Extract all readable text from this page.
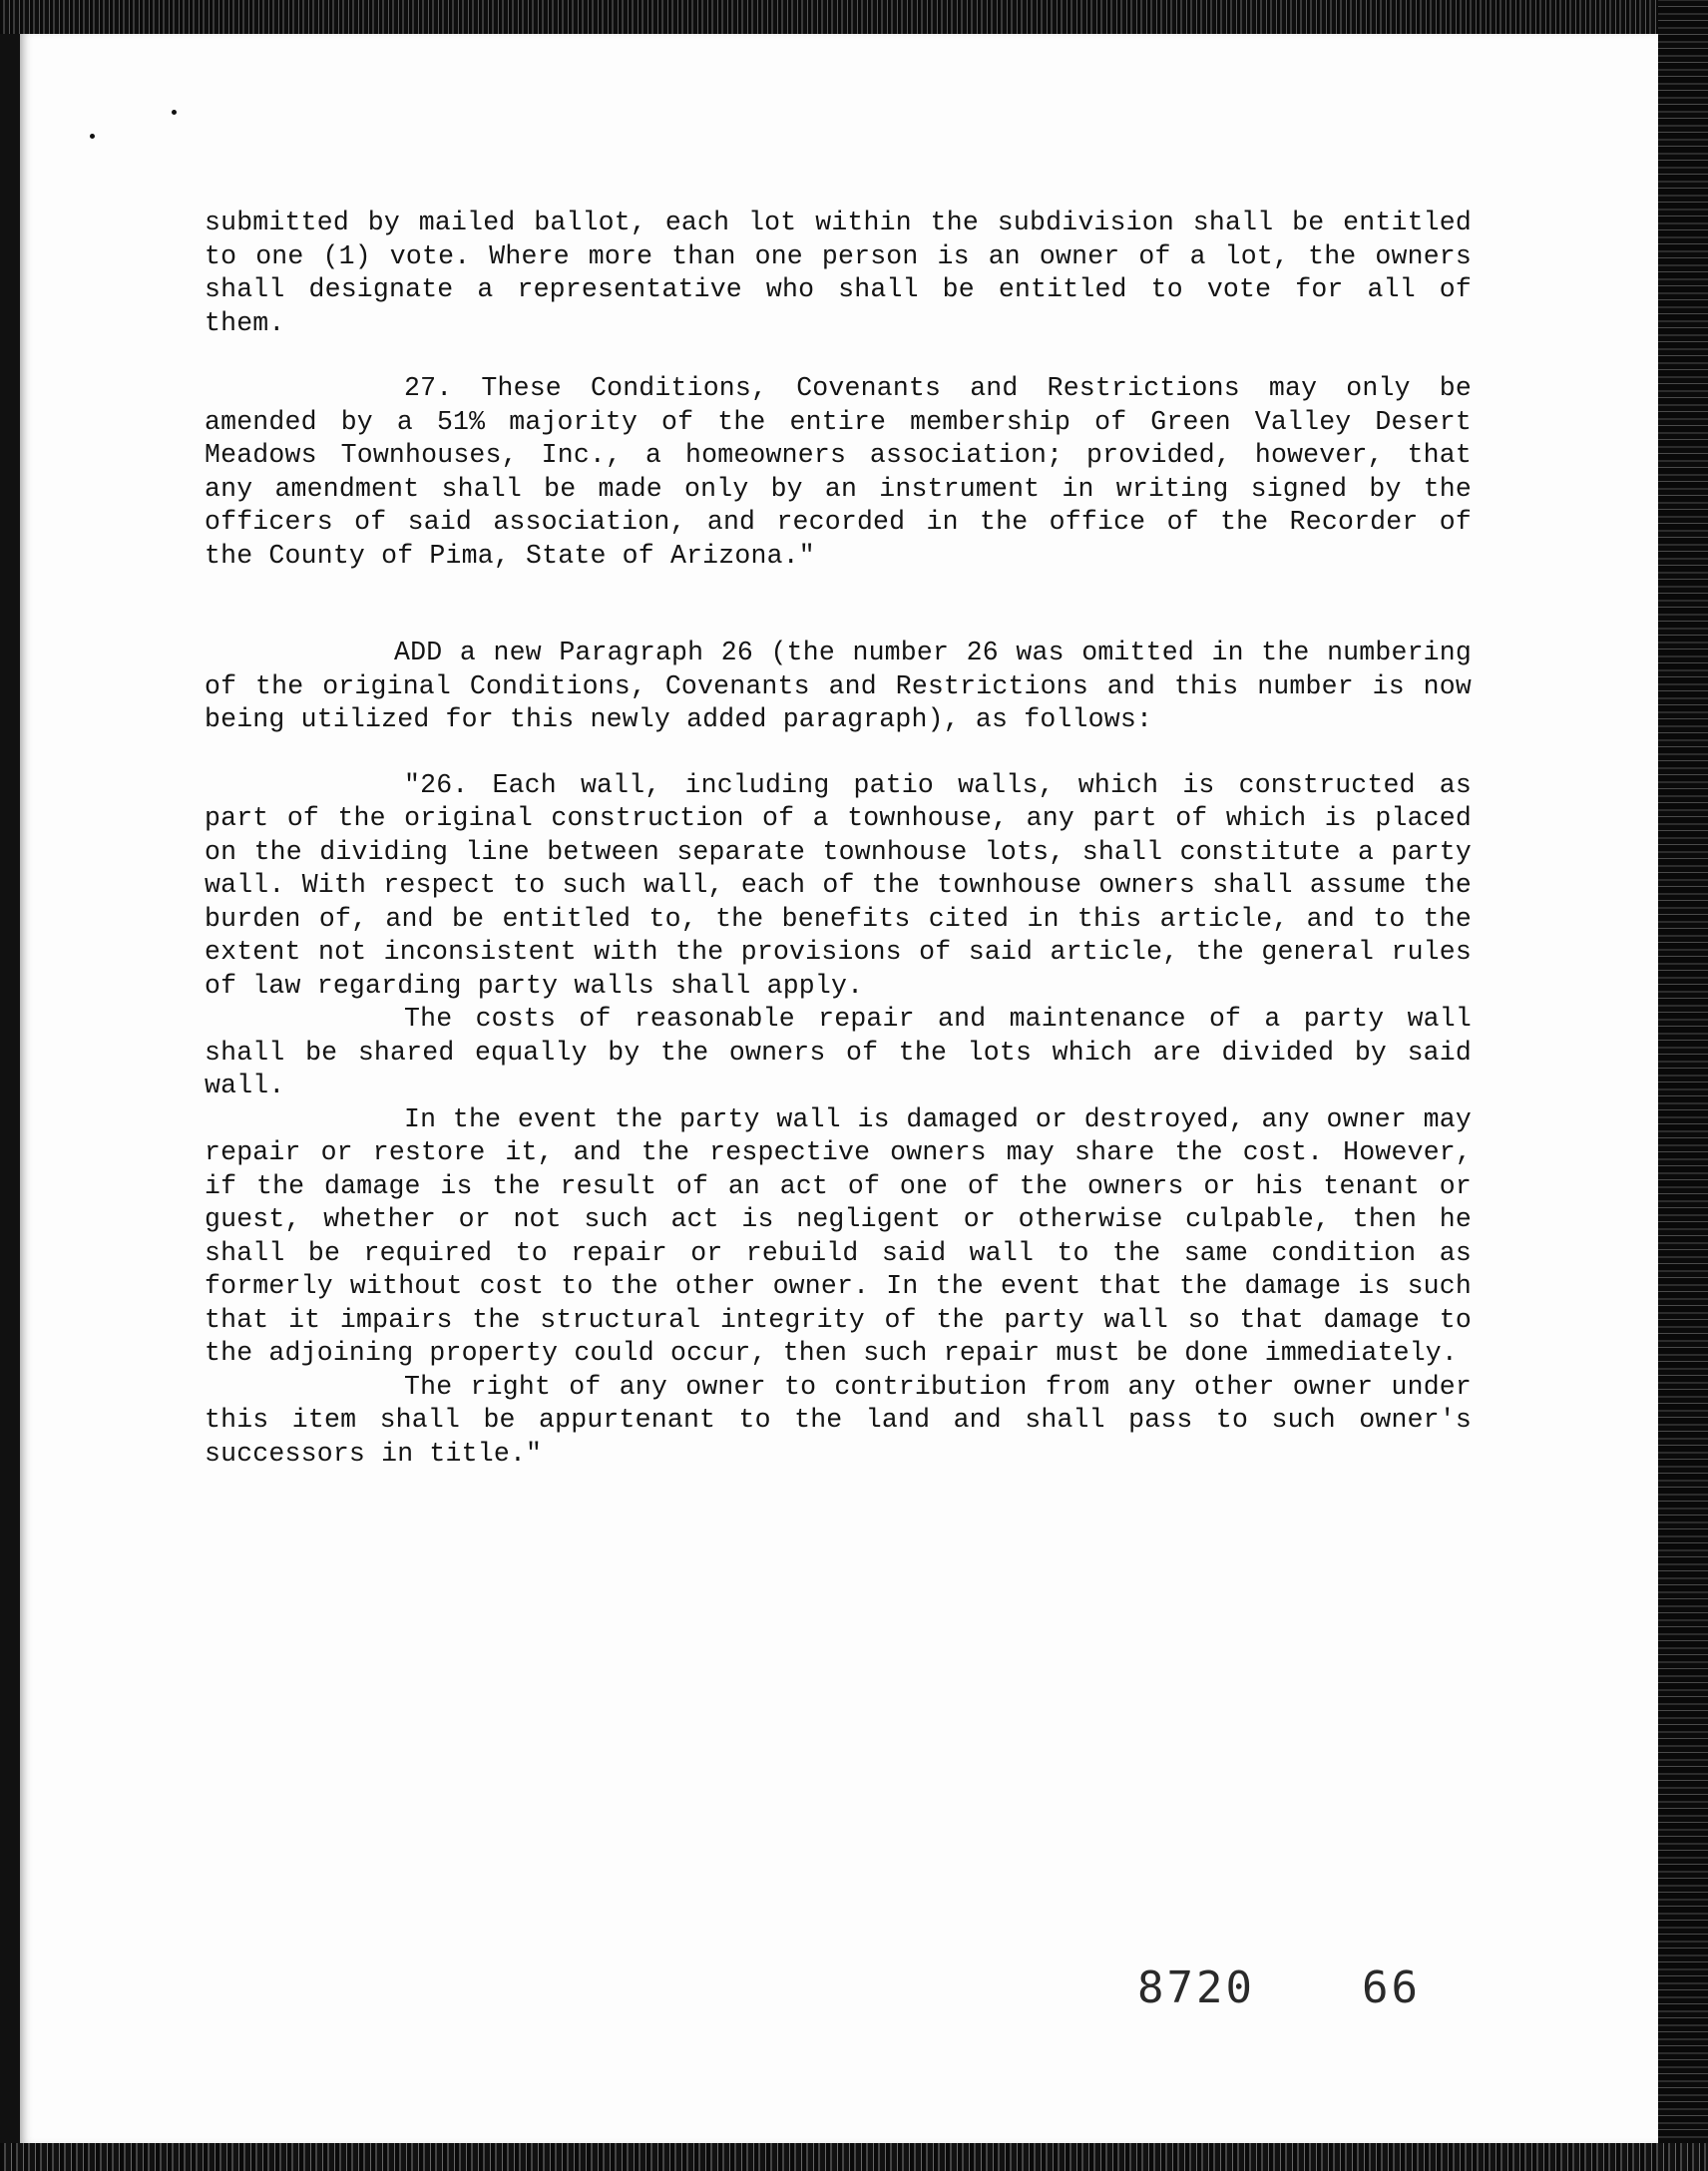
submitted by mailed ballot, each lot within the subdivision shall be entitled to one (1) vote. Where more than one person is an owner of a lot, the owners shall designate a representative who shall be entitled to vote for all of them.

27. These Conditions, Covenants and Restrictions may only be amended by a 51% majority of the entire membership of Green Valley Desert Meadows Townhouses, Inc., a homeowners association; provided, however, that any amendment shall be made only by an instrument in writing signed by the officers of said association, and recorded in the office of the Recorder of the County of Pima, State of Arizona."

ADD a new Paragraph 26 (the number 26 was omitted in the numbering of the original Conditions, Covenants and Restrictions and this number is now being utilized for this newly added paragraph), as follows:

"26. Each wall, including patio walls, which is constructed as part of the original construction of a townhouse, any part of which is placed on the dividing line between separate townhouse lots, shall constitute a party wall. With respect to such wall, each of the townhouse owners shall assume the burden of, and be entitled to, the benefits cited in this article, and to the extent not inconsistent with the provisions of said article, the general rules of law regarding party walls shall apply.

The costs of reasonable repair and maintenance of a party wall shall be shared equally by the owners of the lots which are divided by said wall.

In the event the party wall is damaged or destroyed, any owner may repair or restore it, and the respective owners may share the cost. However, if the damage is the result of an act of one of the owners or his tenant or guest, whether or not such act is negligent or otherwise culpable, then he shall be required to repair or rebuild said wall to the same condition as formerly without cost to the other owner. In the event that the damage is such that it impairs the structural integrity of the party wall so that damage to the adjoining property could occur, then such repair must be done immediately.

The right of any owner to contribution from any other owner under this item shall be appurtenant to the land and shall pass to such owner's successors in title."

8720 66
